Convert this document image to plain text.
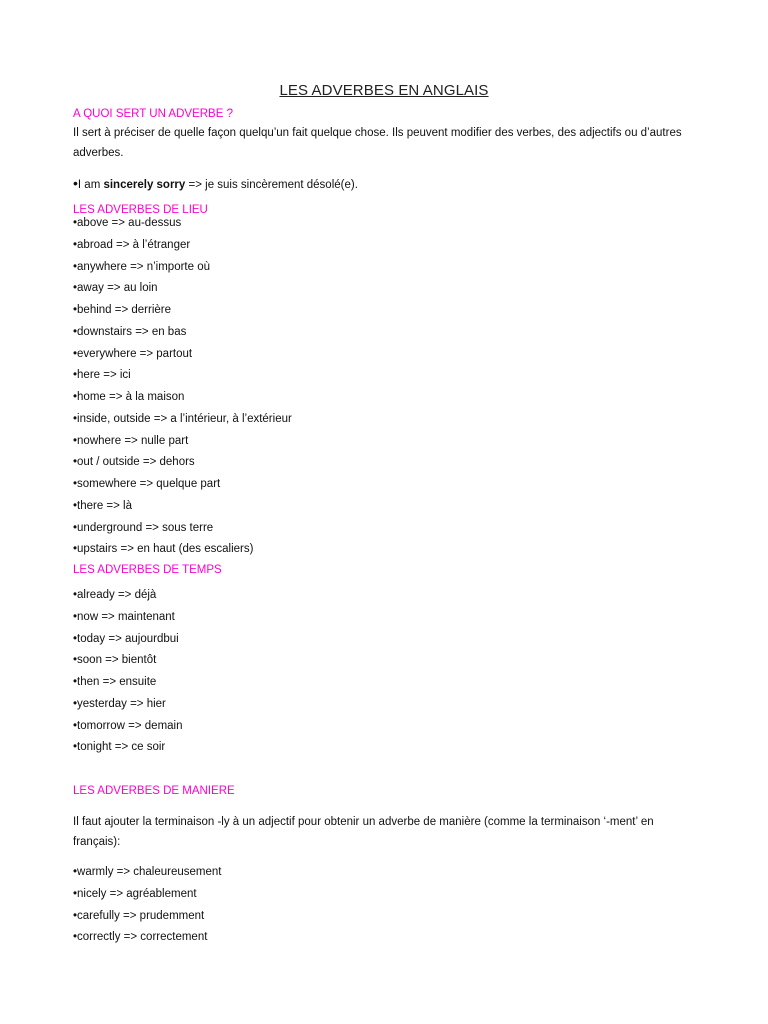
LES ADVERBES EN ANGLAIS
A QUOI SERT UN ADVERBE ?
Il sert à préciser de quelle façon quelqu’un fait quelque chose. Ils peuvent modifier des verbes, des adjectifs ou d’autres adverbes.
•I am sincerely sorry => je suis sincèrement désolé(e).
LES ADVERBES DE LIEU
•above => au-dessus
•abroad => à l’étranger
•anywhere => n’importe où
•away => au loin
•behind => derrière
•downstairs => en bas
•everywhere => partout
•here => ici
•home => à la maison
•inside, outside => a l’intérieur, à l’extérieur
•nowhere => nulle part
•out / outside => dehors
•somewhere => quelque part
•there => là
•underground => sous terre
•upstairs => en haut (des escaliers)
LES ADVERBES DE TEMPS
•already => déjà
•now => maintenant
•today => aujourdbui
•soon => bientôt
•then => ensuite
•yesterday => hier
•tomorrow => demain
•tonight => ce soir
LES ADVERBES DE MANIERE
Il faut ajouter la terminaison -ly à un adjectif pour obtenir un adverbe de manière (comme la terminaison ‘-ment’ en français):
•warmly => chaleureusement
•nicely => agréablement
•carefully => prudemment
•correctly => correctement
